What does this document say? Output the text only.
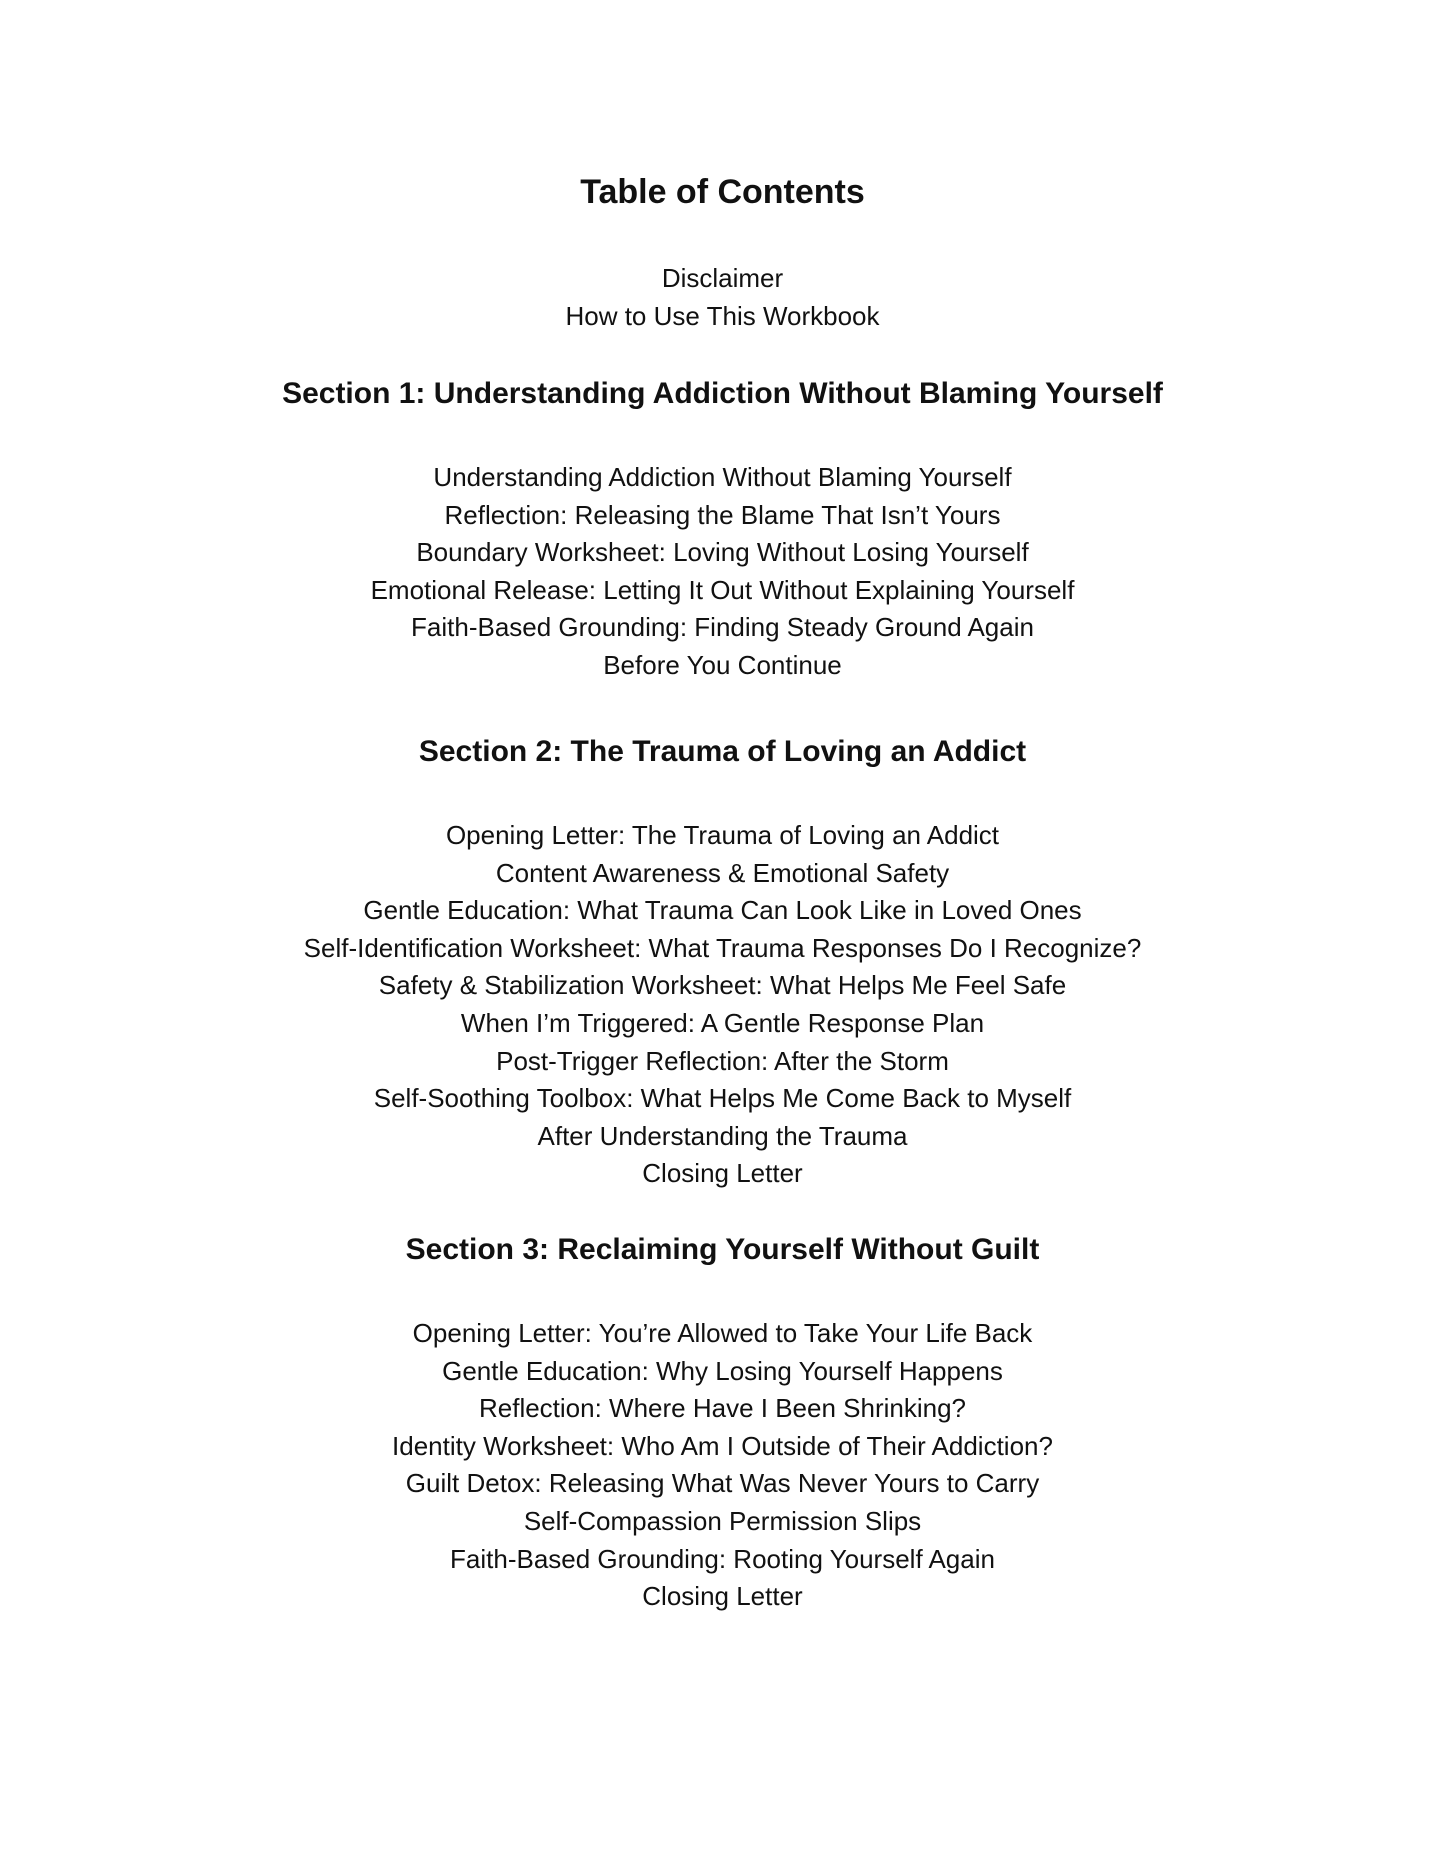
Table of Contents
Disclaimer
How to Use This Workbook
Section 1: Understanding Addiction Without Blaming Yourself
Understanding Addiction Without Blaming Yourself
Reflection: Releasing the Blame That Isn’t Yours
Boundary Worksheet: Loving Without Losing Yourself
Emotional Release: Letting It Out Without Explaining Yourself
Faith-Based Grounding: Finding Steady Ground Again
Before You Continue
Section 2: The Trauma of Loving an Addict
Opening Letter: The Trauma of Loving an Addict
Content Awareness & Emotional Safety
Gentle Education: What Trauma Can Look Like in Loved Ones
Self-Identification Worksheet: What Trauma Responses Do I Recognize?
Safety & Stabilization Worksheet: What Helps Me Feel Safe
When I’m Triggered: A Gentle Response Plan
Post-Trigger Reflection: After the Storm
Self-Soothing Toolbox: What Helps Me Come Back to Myself
After Understanding the Trauma
Closing Letter
Section 3: Reclaiming Yourself Without Guilt
Opening Letter: You’re Allowed to Take Your Life Back
Gentle Education: Why Losing Yourself Happens
Reflection: Where Have I Been Shrinking?
Identity Worksheet: Who Am I Outside of Their Addiction?
Guilt Detox: Releasing What Was Never Yours to Carry
Self-Compassion Permission Slips
Faith-Based Grounding: Rooting Yourself Again
Closing Letter
